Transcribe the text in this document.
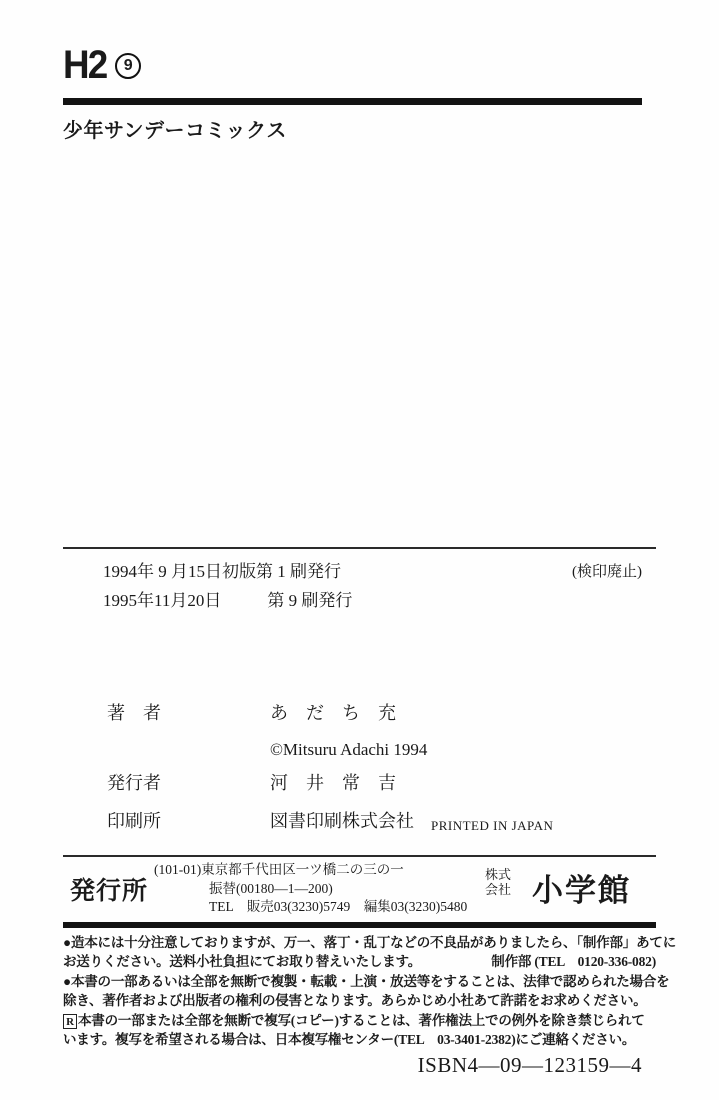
H2 9
少年サンデーコミックス
1994年 9 月15日初版第 1 刷発行	(検印廃止)
1995年11月20日	第 9 刷発行
著　者	あ　だ　ち　充
©Mitsuru Adachi 1994
発行者	河　井　常　吉
印刷所	図書印刷株式会社 PRINTED IN JAPAN
発行所
(101-01)東京都千代田区一ツ橋二の三の一
振替(00180—1—200)
TEL　販売03(3230)5749　編集03(3230)5480
株式
会社 小学館
●造本には十分注意しておりますが、万一、落丁・乱丁などの不良品がありましたら、「制作部」あてに
お送りください。送料小社負担にてお取り替えいたします。	制作部 (TEL　0120-336-082)
●本書の一部あるいは全部を無断で複製・転載・上演・放送等をすることは、法律で認められた場合を
除き、著作者および出版者の権利の侵害となります。あらかじめ小社あて許諾をお求めください。
R 本書の一部または全部を無断で複写(コピー)することは、著作権法上での例外を除き禁じられて
います。複写を希望される場合は、日本複写権センター(TEL　03-3401-2382)にご連絡ください。
ISBN4—09—123159—4
